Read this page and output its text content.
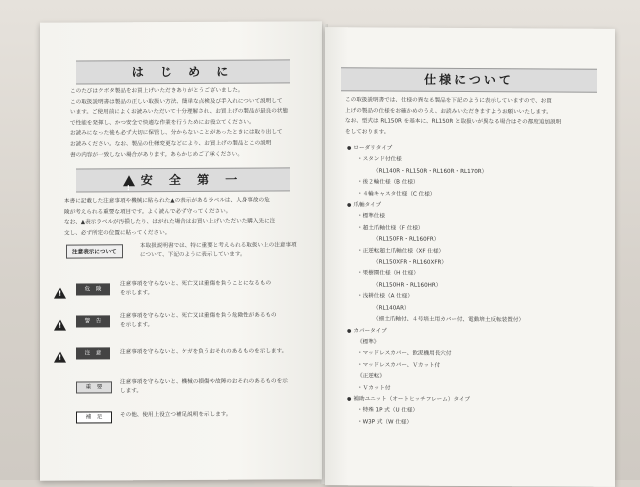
は じ め に
このたびはクボタ製品をお買上げいただきありがとうございました。
この取扱説明書は製品の正しい取扱い方法、簡単な点検及び手入れについて説明して
います。ご使用前によくお読みいただいて十分理解され、お買上げの製品が最良の状態
で性能を発揮し、かつ安全で快適な作業を行うためにお役立てください。
お読みになった後も必ず大切に保管し、分からないことがあったときには取り出して
お読みください。なお、製品の仕様変更などにより、お買上げの製品とこの説明
書の内容が一致しない場合があります。あらかじめご了承ください。
!安 全 第 一
本書に記載した注意事項や機械に貼られた▲の表示があるラベルは、人身事故の危
険が考えられる重要な項目です。よく読んで必ず守ってください。
なお、▲表示ラベルが汚損したり、はがれた場合はお買い上げいただいた購入先に注
文し、必ず所定の位置に貼ってください。
注意表示について
本取扱説明書では、特に重要と考えられる取扱い上の注意事項
について、下記のように表示しています。
!
危　険
注意事項を守らないと、死亡又は重傷を負うことになるもの
を示します。
!
警　告
注意事項を守らないと、死亡又は重傷を負う危険性があるもの
を示します。
!
注　意	注意事項を守らないと、ケガを負うおそれのあるものを示します。
重　要
注意事項を守らないと、機械の損傷や故障のおそれのあるものを示
します。
補　足	その他、使用上役立つ補足説明を示します。
仕様について
この取扱説明書では、仕様の異なる製品を下記のように表示していますので、お買
上げの製品の仕様をお確かめのうえ、お読みいただきますようお願いいたします。
なお、型式は RL150R を基本に、RL150R と取扱いが異なる場合はその都度追加説明
をしております。
● ローダリタイプ
・スタンド付仕様
（RL140R・RL150R・RL160R・RL170R）
・後２輪仕様（B 仕様）
・４輪キャスタ仕様（C 仕様）
● 爪軸タイプ
・標準仕様
・超土爪軸仕様（F 仕様）
（RL150FR・RL160FR）
・正逆転超土爪軸仕様（XF 仕様）
（RL150XFR・RL160XFR）
・果樹園仕様（H 仕様）
（RL150HR・RL160HR）
・浅耕仕様（A 仕様）
（RL140AR）
（細土爪軸付、４号培土用カバー付、電動培土反転装置付）
● カバータイプ
《標準》
・マッドレスカバー、飲泥機用長穴付
・マッドレスカバー、Ｖカット付
《正逆転》
・Ｖカット付
● 補助ユニット（オートヒッチフレーム）タイプ
・特殊 1P 式（U 仕様）
・W3P 式（W 仕様）
